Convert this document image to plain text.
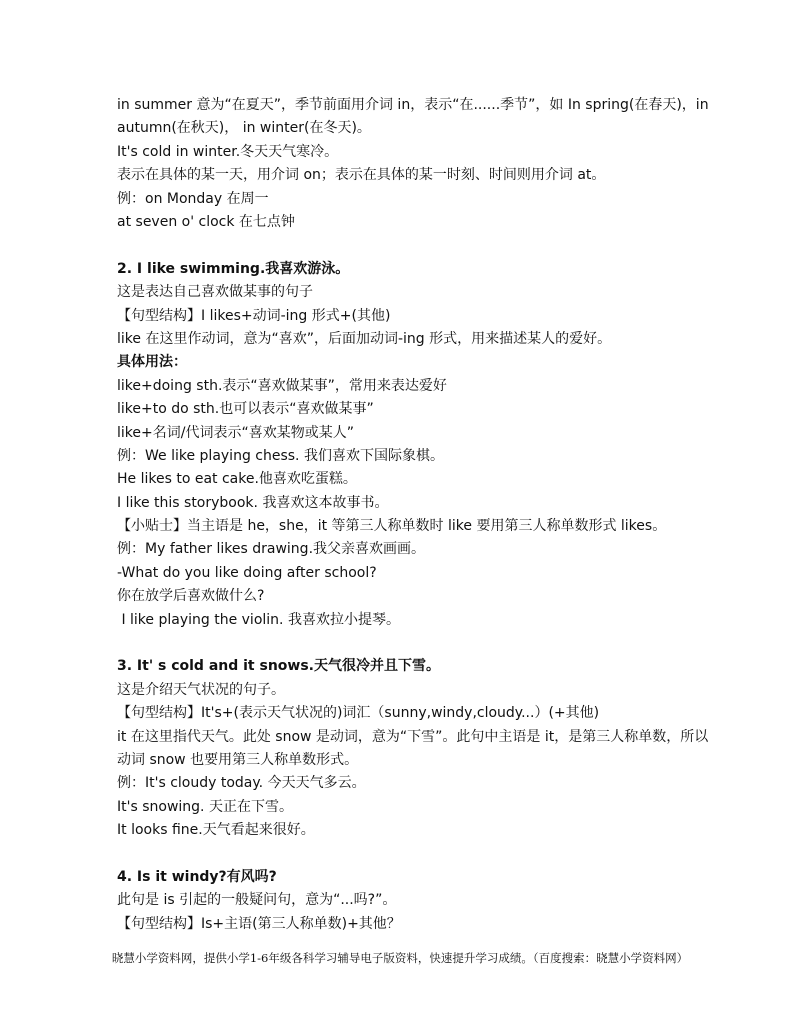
in summer 意为“在夏天”，季节前面用介词 in，表示“在......季节”，如 In spring(在春天)，in autumn(在秋天)， in winter(在冬天)。
It's cold in winter.冬天天气寒冷。
表示在具体的某一天，用介词 on；表示在具体的某一时刻、时间则用介词 at。
例：on Monday 在周一
at seven o' clock 在七点钟
2. I like swimming.我喜欢游泳。
这是表达自己喜欢做某事的句子
【句型结构】I likes+动词-ing 形式+(其他)
like 在这里作动词，意为“喜欢”，后面加动词-ing 形式，用来描述某人的爱好。
具体用法：
like+doing sth.表示“喜欢做某事”，常用来表达爱好
like+to do sth.也可以表示“喜欢做某事”
like+名词/代词表示“喜欢某物或某人”
例：We like playing chess. 我们喜欢下国际象棋。
He likes to eat cake.他喜欢吃蛋糕。
I like this storybook. 我喜欢这本故事书。
【小贴士】当主语是 he，she，it 等第三人称单数时 like 要用第三人称单数形式 likes。
例：My father likes drawing.我父亲喜欢画画。
-What do you like doing after school?
你在放学后喜欢做什么?
I like playing the violin. 我喜欢拉小提琴。
3. It' s cold and it snows.天气很冷并且下雪。
这是介绍天气状况的句子。
【句型结构】It's+(表示天气状况的)词汇（sunny,windy,cloudy...）(+其他)
it 在这里指代天气。此处 snow 是动词，意为“下雪”。此句中主语是 it，是第三人称单数，所以动词 snow 也要用第三人称单数形式。
例：It's cloudy today. 今天天气多云。
It's snowing. 天正在下雪。
It looks fine.天气看起来很好。
4. Is it windy?有风吗?
此句是 is 引起的一般疑问句，意为“...吗?”。
【句型结构】Is+主语(第三人称单数)+其他？
晓慧小学资料网，提供小学1-6年级各科学习辅导电子版资料，快速提升学习成绩。（百度搜索：晓慧小学资料网）
